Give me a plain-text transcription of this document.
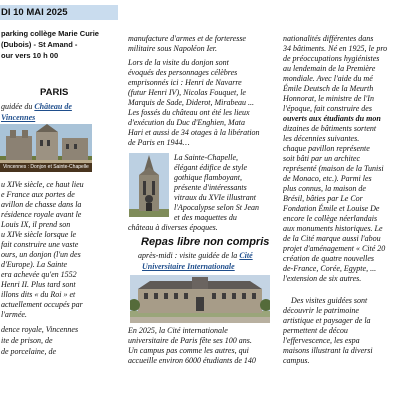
DI 10 MAI 2025
parking collège Marie Curie
(Dubois) - St Amand -
our vers 10 h 00
PARIS
guidée du Château de
Vincennes
Vincennes : Donjon et Sainte-Chapelle
u XIVe siècle, ce haut lieu
e France aux portes de
avillon de chasse dans la
résidence royale avant le
Louis IX, il prend son
u XIVe siècle lorsque le
fait construire une vaste
ours, un donjon (l'un des
d'Europe). La Sainte
era achevée qu'en 1552
Henri II. Plus tard sont
illons dits « du Roi » et
actuellement occupés par
l'armée.
dence royale, Vincennes
ite de prison, de
de porcelaine, de
manufacture d'armes et de forteresse
militaire sous Napoléon Ier.
Lors de la visite du donjon sont
évoqués des personnages célèbres
emprisonnés ici : Henri de Navarre
(futur Henri IV), Nicolas Fouquet, le
Marquis de Sade, Diderot, Mirabeau ...
Les fossés du château ont été les lieux
d'exécution du Duc d'Enghien, Mata
Hari et aussi de 34 otages à la libération
de Paris en 1944…
La Sainte-Chapelle,
élégant édifice de style
gothique flamboyant,
présente d'intéressants
vitraux du XVIe illustrant
l'Apocalypse selon St Jean
et des maquettes du
château à diverses époques.
Repas libre non compris
après-midi : visite guidée de la Cité
Universitaire Internationale
En 2025, la Cité internationale
universitaire de Paris fête ses 100 ans.
Un campus pas comme les autres, qui
accueille environ 6000 étudiants de 140
nationalités différentes dans
34 bâtiments. Né en 1925, le pro
de préoccupations hygiénistes
au lendemain de la Première
mondiale. Avec l'aide du mé
Émile Deutsch de la Meurth
Honnorat, le ministre de l'In
l'époque, fait construire des
ouverts aux étudiants du mon
dizaines de bâtiments sortent
les décennies suivantes.
chaque pavillon représente
soit bâti par un architec
représenté (maison de la Tunisi
de Monaco, etc.). Parmi les
plus connus, la maison de
Brésil, bâties par Le Cor
Fondation Émile et Louise De
encore le collège néerlandais
aux monuments historiques. Le
de la Cité marque aussi l'abou
projet d'aménagement « Cité 20
création de quatre nouvelles
de-France, Corée, Egypte, ...
l'extension de six autres.
Des visites guidées sont
découvrir le patrimoine
artistique et paysager de la
permettent de décou
l'effervescence, les espa
maisons illustrant la diversi
campus.
